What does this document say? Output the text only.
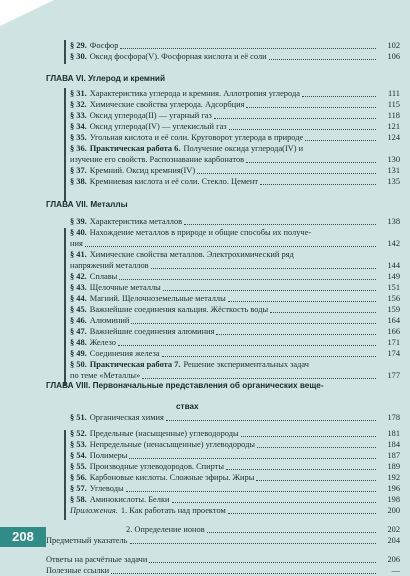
§ 29. Фосфор	102
§ 30. Оксид фосфора(V). Фосфорная кислота и её соли	106
ГЛАВА VI. Углерод и кремний
§ 31. Характеристика углерода и кремния. Аллотропия углерода	111
§ 32. Химические свойства углерода. Адсорбция	115
§ 33. Оксид углерода(II) — угарный газ	118
§ 34. Оксид углерода(IV) — углекислый газ	121
§ 35. Угольная кислота и её соли. Круговорот углерода в природе	124
§ 36. Практическая работа 6. Получение оксида углерода(IV) и
изучение его свойств. Распознавание карбонатов	130
§ 37. Кремний. Оксид кремния(IV)	131
§ 38. Кремниевая кислота и её соли. Стекло. Цемент	135
ГЛАВА VII. Металлы
§ 39. Характеристика металлов	138
§ 40. Нахождение металлов в природе и общие способы их получе-
ния	142
§ 41. Химические свойства металлов. Электрохимический ряд
напряжений металлов	144
§ 42. Сплавы	149
§ 43. Щелочные металлы	151
§ 44. Магний. Щелочноземельные металлы	156
§ 45. Важнейшие соединения кальция. Жёсткость воды	159
§ 46. Алюминий	164
§ 47. Важнейшие соединения алюминия	166
§ 48. Железо	171
§ 49. Соединения железа	174
§ 50. Практическая работа 7. Решение экспериментальных задач
по теме «Металлы»	177
ГЛАВА VIII. Первоначальные представления об органических веще-
ствах
§ 51. Органическая химия	178
§ 52. Предельные (насыщенные) углеводороды	181
§ 53. Непредельные (ненасыщенные) углеводороды	184
§ 54. Полимеры	187
§ 55. Производные углеводородов. Спирты	189
§ 56. Карбоновые кислоты. Сложные эфиры. Жиры	192
§ 57. Углеводы	196
§ 58. Аминокислоты. Белки	198
Приложения. 1. Как работать над проектом	200
2. Определение ионов	202
Предметный указатель	204
Ответы на расчётные задачи	206
Полезные ссылки	—
208
